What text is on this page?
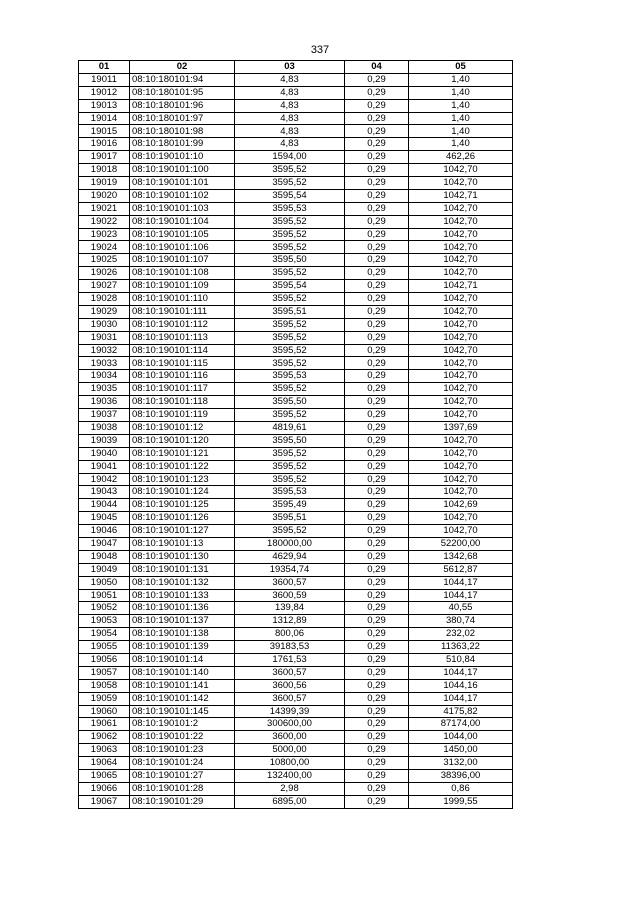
337
01	02	03	04	05
19011	08:10:180101:94	4,83	0,29	1,40
19012	08:10:180101:95	4,83	0,29	1,40
19013	08:10:180101:96	4,83	0,29	1,40
19014	08:10:180101:97	4,83	0,29	1,40
19015	08:10:180101:98	4,83	0,29	1,40
19016	08:10:180101:99	4,83	0,29	1,40
19017	08:10:190101:10	1594,00	0,29	462,26
19018	08:10:190101:100	3595,52	0,29	1042,70
19019	08:10:190101:101	3595,52	0,29	1042,70
19020	08:10:190101:102	3595,54	0,29	1042,71
19021	08:10:190101:103	3595,53	0,29	1042,70
19022	08:10:190101:104	3595,52	0,29	1042,70
19023	08:10:190101:105	3595,52	0,29	1042,70
19024	08:10:190101:106	3595,52	0,29	1042,70
19025	08:10:190101:107	3595,50	0,29	1042,70
19026	08:10:190101:108	3595,52	0,29	1042,70
19027	08:10:190101:109	3595,54	0,29	1042,71
19028	08:10:190101:110	3595,52	0,29	1042,70
19029	08:10:190101:111	3595,51	0,29	1042,70
19030	08:10:190101:112	3595,52	0,29	1042,70
19031	08:10:190101:113	3595,52	0,29	1042,70
19032	08:10:190101:114	3595,52	0,29	1042,70
19033	08:10:190101:115	3595,52	0,29	1042,70
19034	08:10:190101:116	3595,53	0,29	1042,70
19035	08:10:190101:117	3595,52	0,29	1042,70
19036	08:10:190101:118	3595,50	0,29	1042,70
19037	08:10:190101:119	3595,52	0,29	1042,70
19038	08:10:190101:12	4819,61	0,29	1397,69
19039	08:10:190101:120	3595,50	0,29	1042,70
19040	08:10:190101:121	3595,52	0,29	1042,70
19041	08:10:190101:122	3595,52	0,29	1042,70
19042	08:10:190101:123	3595,52	0,29	1042,70
19043	08:10:190101:124	3595,53	0,29	1042,70
19044	08:10:190101:125	3595,49	0,29	1042,69
19045	08:10:190101:126	3595,51	0,29	1042,70
19046	08:10:190101:127	3595,52	0,29	1042,70
19047	08:10:190101:13	180000,00	0,29	52200,00
19048	08:10:190101:130	4629,94	0,29	1342,68
19049	08:10:190101:131	19354,74	0,29	5612,87
19050	08:10:190101:132	3600,57	0,29	1044,17
19051	08:10:190101:133	3600,59	0,29	1044,17
19052	08:10:190101:136	139,84	0,29	40,55
19053	08:10:190101:137	1312,89	0,29	380,74
19054	08:10:190101:138	800,06	0,29	232,02
19055	08:10:190101:139	39183,53	0,29	11363,22
19056	08:10:190101:14	1761,53	0,29	510,84
19057	08:10:190101:140	3600,57	0,29	1044,17
19058	08:10:190101:141	3600,56	0,29	1044,16
19059	08:10:190101:142	3600,57	0,29	1044,17
19060	08:10:190101:145	14399,39	0,29	4175,82
19061	08:10:190101:2	300600,00	0,29	87174,00
19062	08:10:190101:22	3600,00	0,29	1044,00
19063	08:10:190101:23	5000,00	0,29	1450,00
19064	08:10:190101:24	10800,00	0,29	3132,00
19065	08:10:190101:27	132400,00	0,29	38396,00
19066	08:10:190101:28	2,98	0,29	0,86
19067	08:10:190101:29	6895,00	0,29	1999,55
